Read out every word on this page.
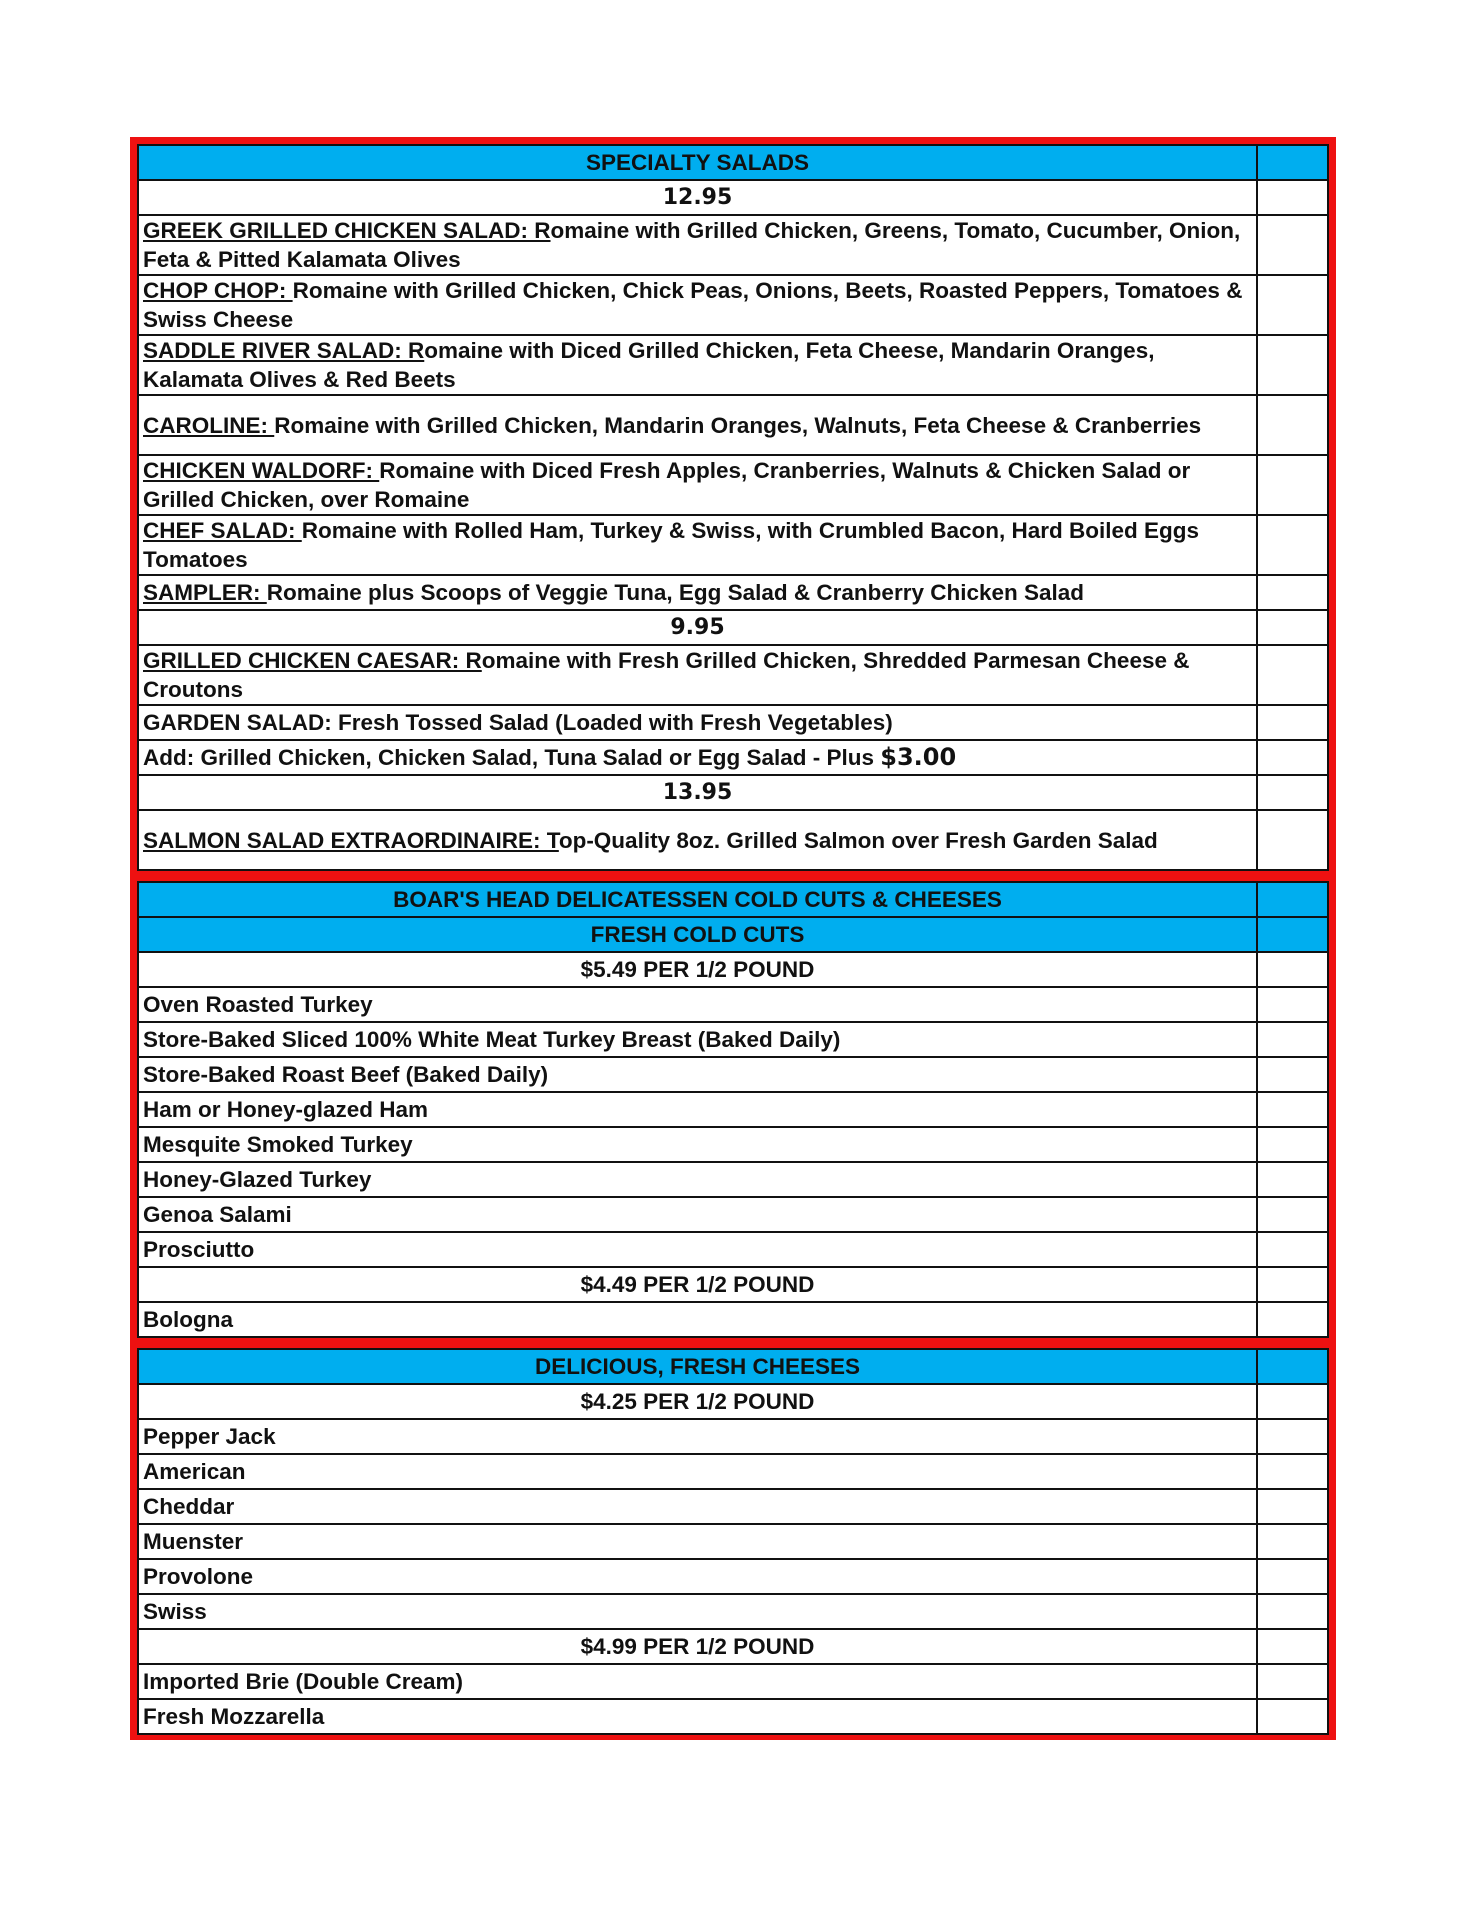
SPECIALTY SALADS	
12.95	

GREEK GRILLED CHICKEN SALAD: Romaine with Grilled Chicken, Greens, Tomato, Cucumber, Onion, Feta & Pitted Kalamata Olives	

CHOP CHOP: Romaine with Grilled Chicken, Chick Peas, Onions, Beets, Roasted Peppers, Tomatoes & Swiss Cheese	

SADDLE RIVER SALAD: Romaine with Diced Grilled Chicken, Feta Cheese, Mandarin Oranges, Kalamata Olives & Red Beets	

CAROLINE: Romaine with Grilled Chicken, Mandarin Oranges, Walnuts, Feta Cheese & Cranberries	

CHICKEN WALDORF: Romaine with Diced Fresh Apples, Cranberries, Walnuts & Chicken Salad or Grilled Chicken, over Romaine	

CHEF SALAD: Romaine with Rolled Ham, Turkey & Swiss, with Crumbled Bacon, Hard Boiled Eggs Tomatoes	

SAMPLER: Romaine plus Scoops of Veggie Tuna, Egg Salad & Cranberry Chicken Salad	
9.95	

GRILLED CHICKEN CAESAR: Romaine with Fresh Grilled Chicken, Shredded Parmesan Cheese & Croutons	

GARDEN SALAD: Fresh Tossed Salad (Loaded with Fresh Vegetables)	
Add: Grilled Chicken, Chicken Salad, Tuna Salad or Egg Salad - Plus $3.00	
13.95	

SALMON SALAD EXTRAORDINAIRE: Top-Quality 8oz. Grilled Salmon over Fresh Garden Salad	

BOAR'S HEAD DELICATESSEN COLD CUTS & CHEESES	
FRESH COLD CUTS	
$5.49 PER 1/2 POUND	
Oven Roasted Turkey	
Store-Baked Sliced 100% White Meat Turkey Breast (Baked Daily)	
Store-Baked Roast Beef (Baked Daily)	
Ham or Honey-glazed Ham	
Mesquite Smoked Turkey	
Honey-Glazed Turkey	
Genoa Salami	
Prosciutto	
$4.49 PER 1/2 POUND	
Bologna	
DELICIOUS, FRESH CHEESES	
$4.25 PER 1/2 POUND	
Pepper Jack	
American	
Cheddar	
Muenster	
Provolone	
Swiss	
$4.99 PER 1/2 POUND	
Imported Brie (Double Cream)	
Fresh Mozzarella	
